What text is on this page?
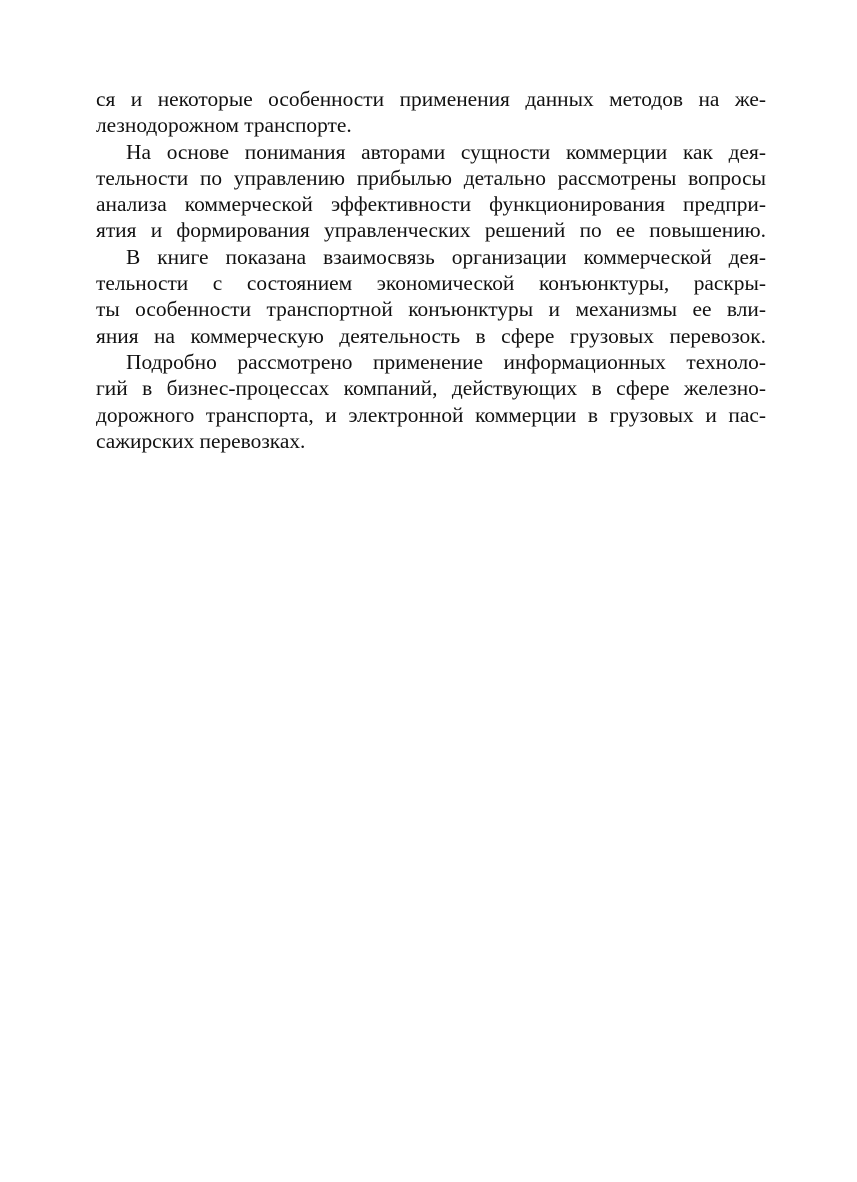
ся и некоторые особенности применения данных методов на же-
лезнодорожном транспорте.

На основе понимания авторами сущности коммерции как дея-
тельности по управлению прибылью детально рассмотрены вопросы
анализа коммерческой эффективности функционирования предпри-
ятия и формирования управленческих решений по ее повышению.

В книге показана взаимосвязь организации коммерческой дея-
тельности с состоянием экономической конъюнктуры, раскры-
ты особенности транспортной конъюнктуры и механизмы ее вли-
яния на коммерческую деятельность в сфере грузовых перевозок.

Подробно рассмотрено применение информационных техноло-
гий в бизнес-процессах компаний, действующих в сфере железно-
дорожного транспорта, и электронной коммерции в грузовых и пас-
сажирских перевозках.
